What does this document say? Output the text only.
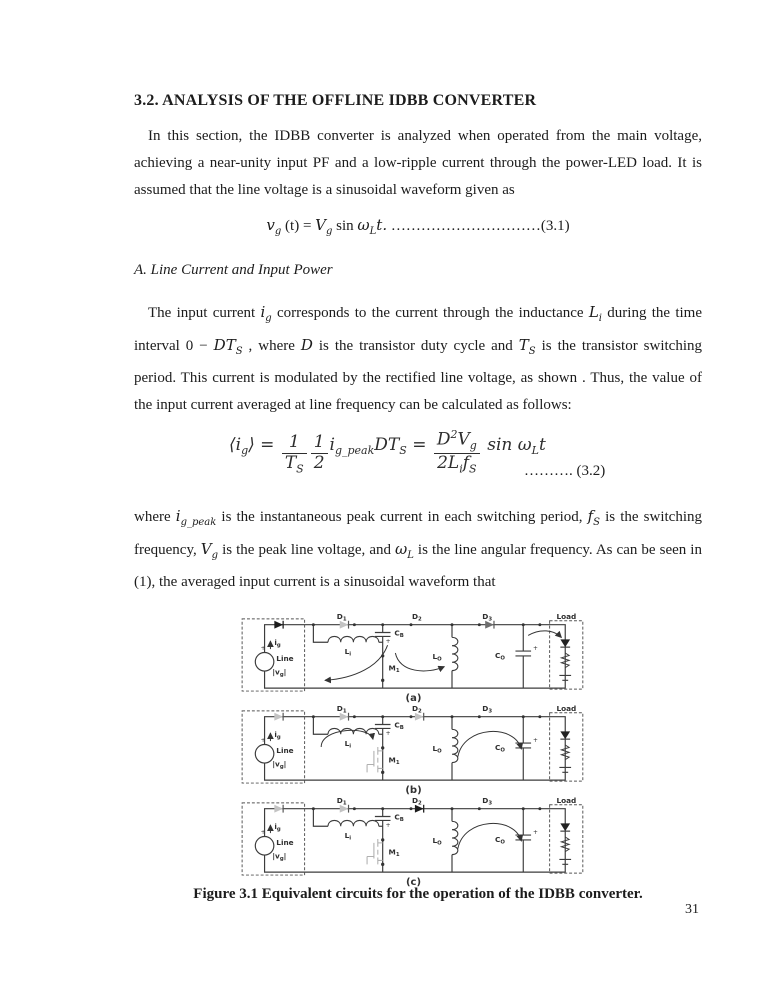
3.2. ANALYSIS OF THE OFFLINE IDBB CONVERTER

In this section, the IDBB converter is analyzed when operated from the main voltage, achieving a near-unity input PF and a low-ripple current through the power-LED load. It is assumed that the line voltage is a sinusoidal waveform given as

$v_g$ $(t) = V_g$ $\sin \omega_Lt$. …………………………(3.1)

A. Line Current and Input Power

The input current $i_g$ corresponds to the current through the inductance $L_i$ during the time interval $0 - DT_S$ , where D is the transistor duty cycle and $T_S$ is the transistor switching period. This current is modulated by the rectified line voltage, as shown . Thus, the value of the input current averaged at line frequency can be calculated as follows:

$⟨i_g⟩ = \frac{1}{T_S} \frac{1}{2} i_{g\_peak}DT_S = \frac{D^2V_g}{2L_if_S}$ $\sin \omega_Lt$
………. (3.2)

where $i_{g\_peak}$ is the instantaneous peak current in each switching period, $f_S$ is the switching frequency, $V_g$ is the peak line voltage, and $\omega_L$ is the line angular frequency. As can be seen in (1), the averaged input current is a sinusoidal waveform that

(a)
(b)
(c)

Figure 3.1 Equivalent circuits for the operation of the IDBB converter.

31
